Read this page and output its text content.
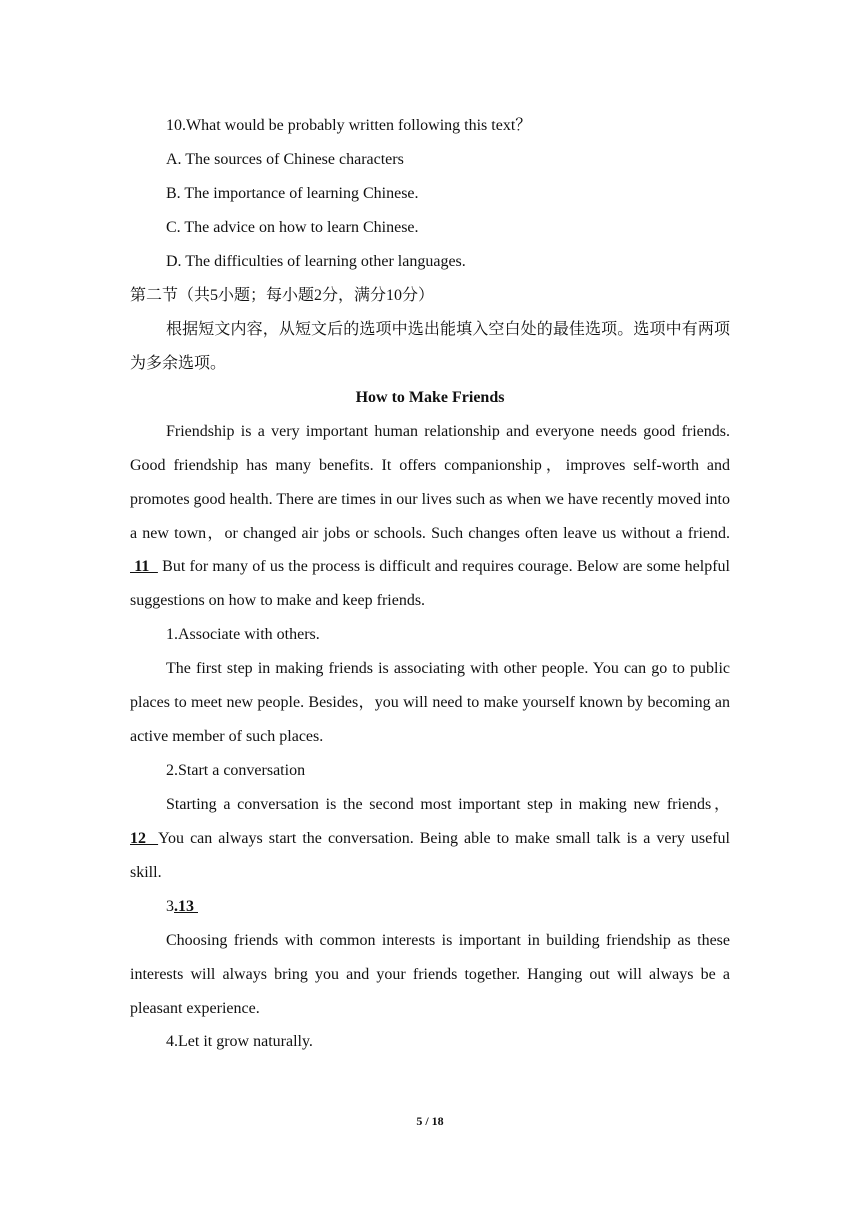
10.What would be probably written following this text？
A. The sources of Chinese characters
B. The importance of learning Chinese.
C. The advice on how to learn Chinese.
D. The difficulties of learning other languages.
第二节（共5小题；每小题2分，满分10分）

根据短文内容，从短文后的选项中选出能填入空白处的最佳选项。选项中有两项为多余选项。

How to Make Friends

Friendship is a very important human relationship and everyone needs good friends. Good friendship has many benefits. It offers companionship，improves self-worth and promotes good health. There are times in our lives such as when we have recently moved into a new town，or changed air jobs or schools. Such changes often leave us without a friend.  11   But for many of us the process is difficult and requires courage. Below are some helpful suggestions on how to make and keep friends.

1.Associate with others.

The first step in making friends is associating with other people. You can go to public places to meet new people. Besides，you will need to make yourself known by becoming an active member of such places.

2.Start a conversation

Starting a conversation is the second most important step in making new friends，12  You can always start the conversation. Being able to make small talk is a very useful skill.

3.13

Choosing friends with common interests is important in building friendship as these interests will always bring you and your friends together. Hanging out will always be a pleasant experience.

4.Let it grow naturally.
5 / 18
